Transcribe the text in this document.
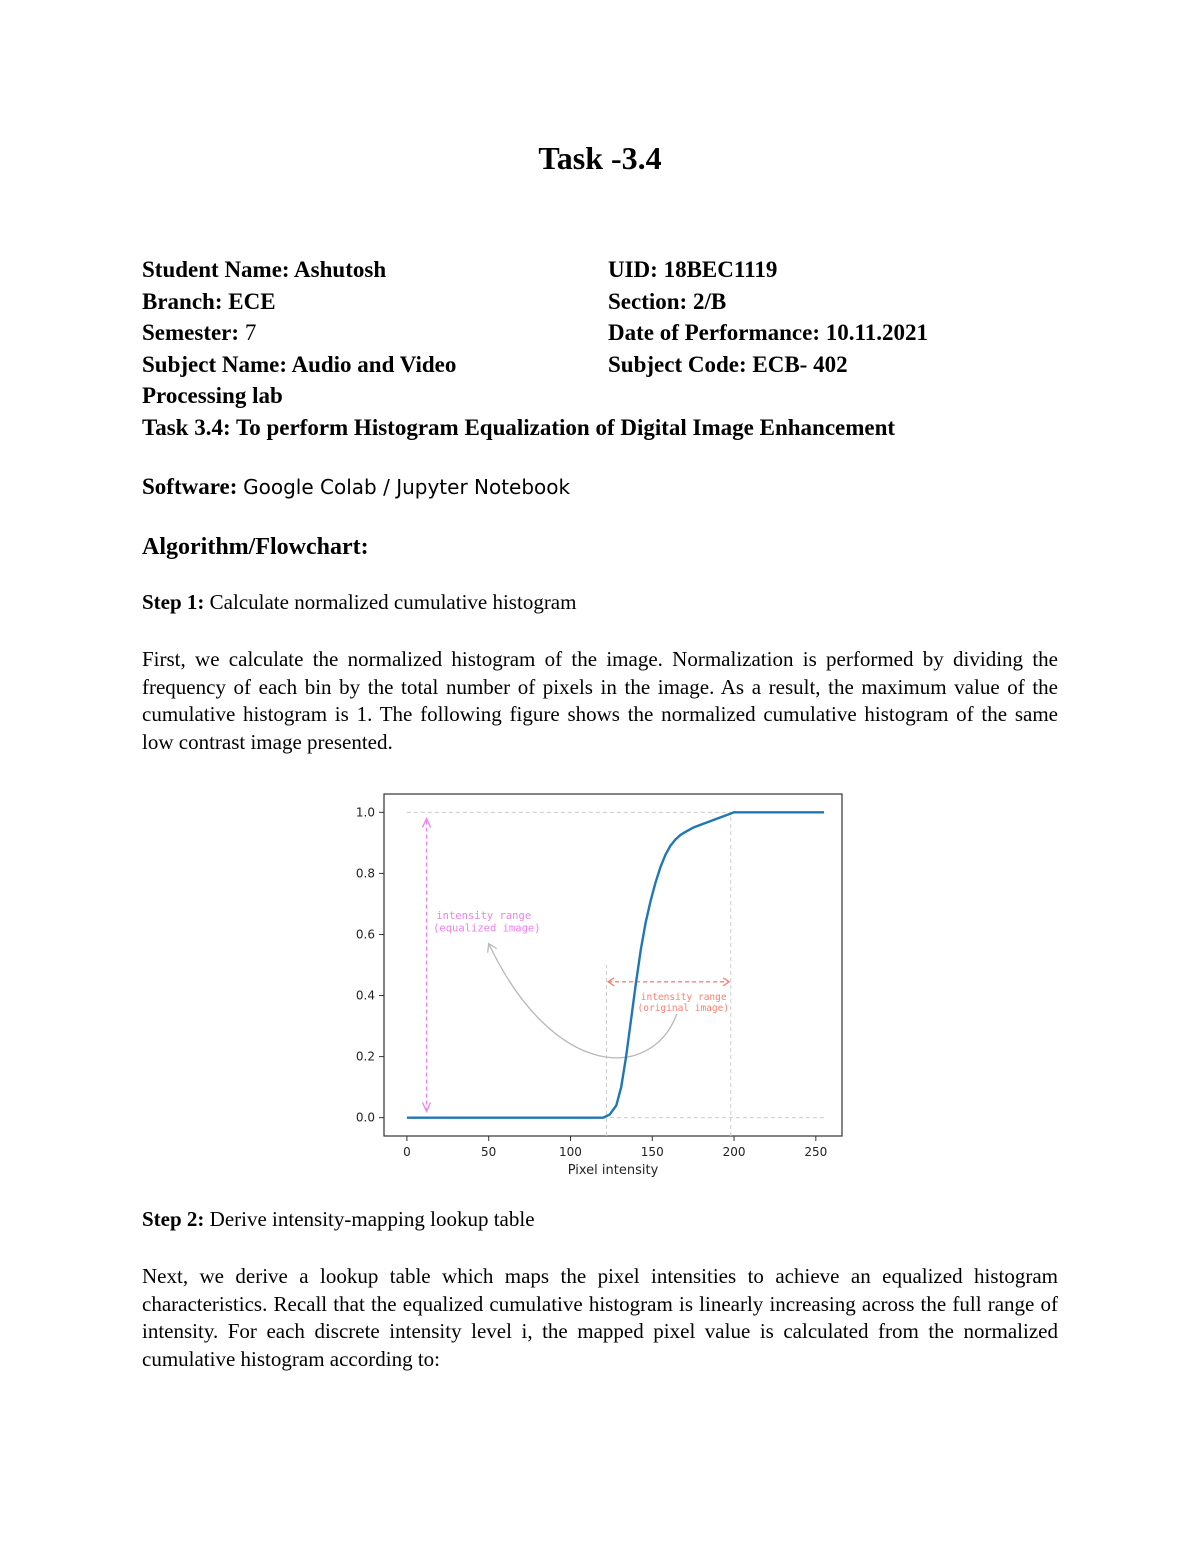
Task -3.4
Student Name: Ashutosh	UID: 18BEC1119
Branch: ECE	Section: 2/B
Semester: 7	Date of Performance: 10.11.2021
Subject Name: Audio and Video	Subject Code: ECB- 402
Processing lab
Task 3.4: To perform Histogram Equalization of Digital Image Enhancement
Software: Google Colab / Jupyter Notebook
Algorithm/Flowchart:
Step 1: Calculate normalized cumulative histogram
First, we calculate the normalized histogram of the image. Normalization is performed by dividing the frequency of each bin by the total number of pixels in the image. As a result, the maximum value of the cumulative histogram is 1. The following figure shows the normalized cumulative histogram of the same low contrast image presented.
intensity range
(equalized image)
intensity range
(original image)
0	50	100	150	200	250
0.0
0.2
0.4
0.6
0.8
1.0
Pixel intensity
Step 2: Derive intensity-mapping lookup table
Next, we derive a lookup table which maps the pixel intensities to achieve an equalized histogram characteristics. Recall that the equalized cumulative histogram is linearly increasing across the full range of intensity. For each discrete intensity level i, the mapped pixel value is calculated from the normalized cumulative histogram according to:
